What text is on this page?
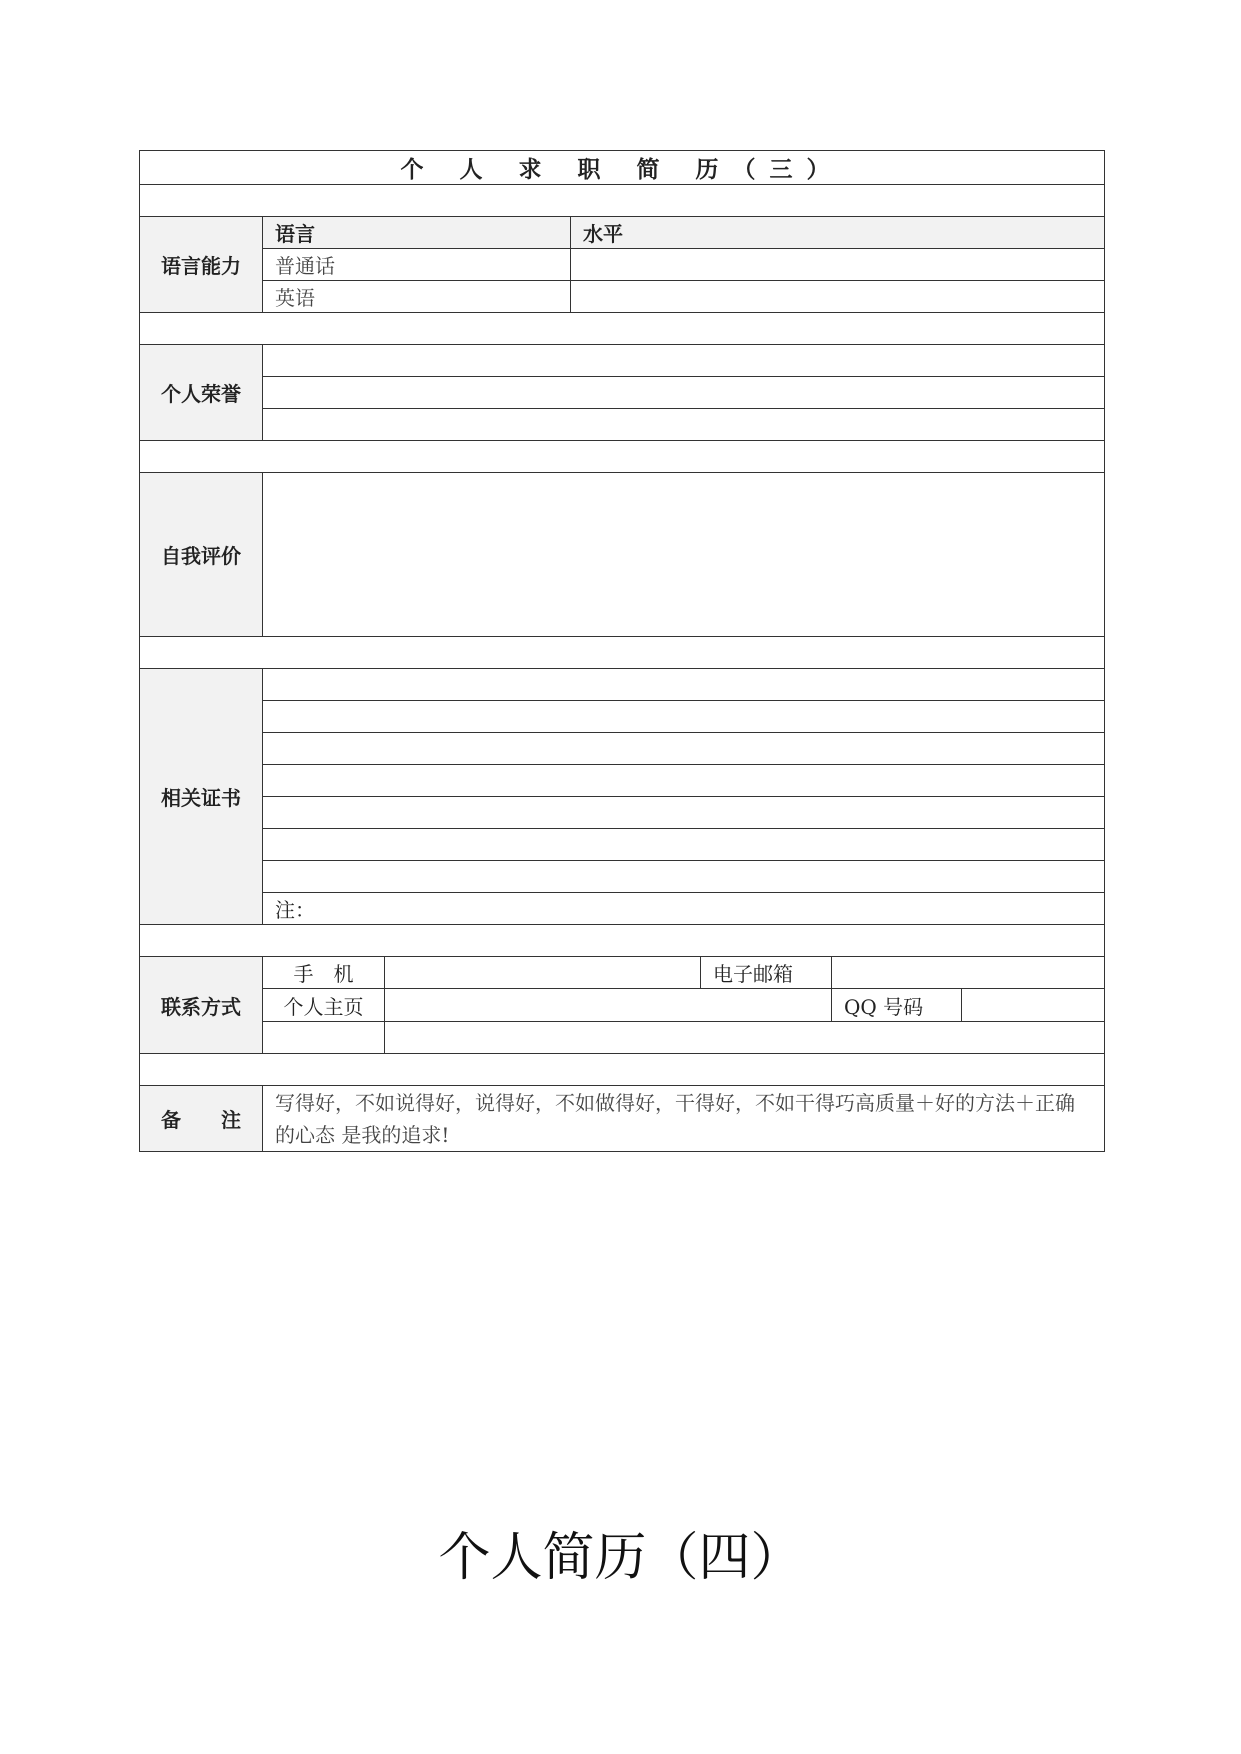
个 人 求 职 简 历（三）					

语言能力	语言		水平		
	普通话				
	英语				

个人荣誉					

自我评价					

相关证书					

	注：				

联系方式	手　机			电子邮箱	
	个人主页				QQ 号码

备　　注	写得好，不如说得好，说得好，不如做得好，干得好，不如干得巧高质量＋好的方法＋正确的心态 是我的追求!				
个人简历（四）
